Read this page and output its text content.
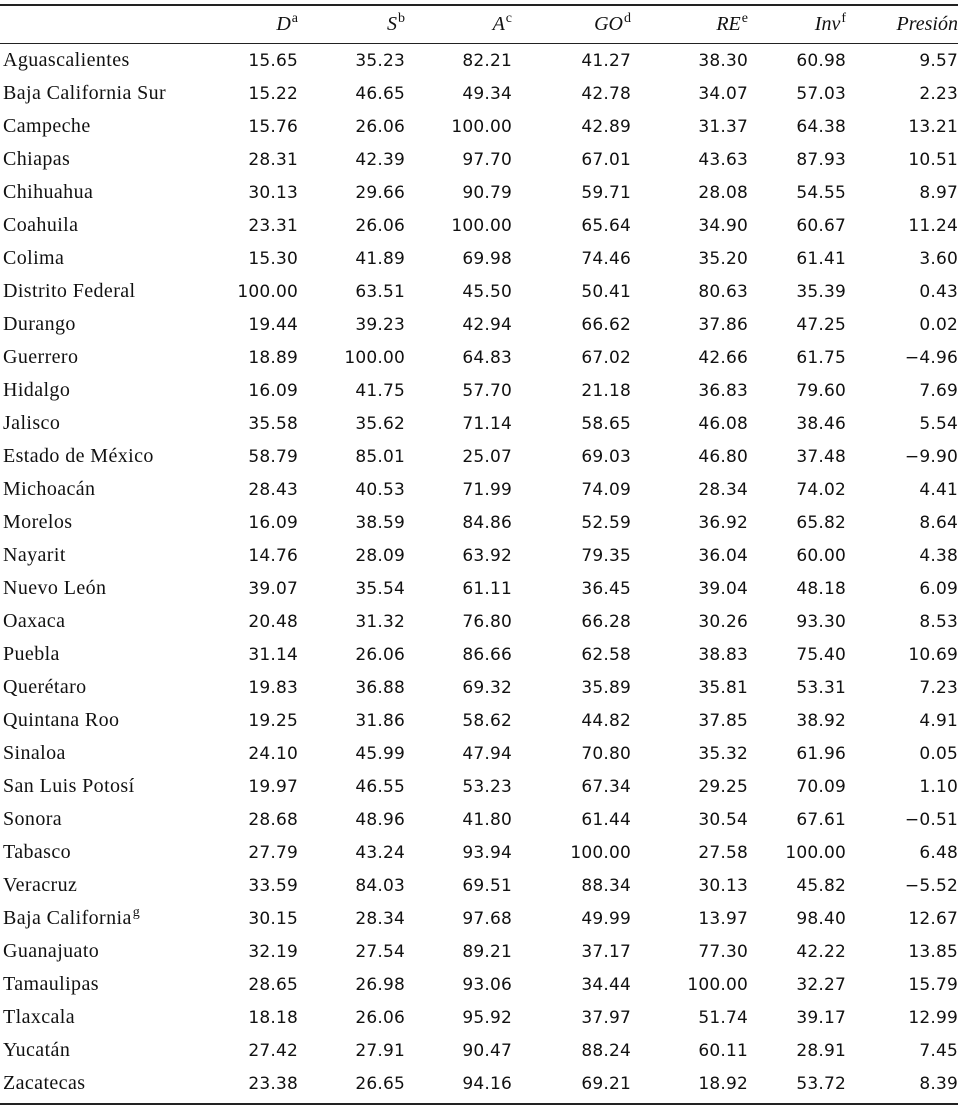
	$D^a$	$S^b$	$A^c$	$GO^d$	$RE^e$	Inv$^f$	Presión
Aguascalientes	15.65	35.23	82.21	41.27	38.30	60.98	9.57
Baja California Sur	15.22	46.65	49.34	42.78	34.07	57.03	2.23
Campeche	15.76	26.06	100.00	42.89	31.37	64.38	13.21
Chiapas	28.31	42.39	97.70	67.01	43.63	87.93	10.51
Chihuahua	30.13	29.66	90.79	59.71	28.08	54.55	8.97
Coahuila	23.31	26.06	100.00	65.64	34.90	60.67	11.24
Colima	15.30	41.89	69.98	74.46	35.20	61.41	3.60
Distrito Federal	100.00	63.51	45.50	50.41	80.63	35.39	0.43
Durango	19.44	39.23	42.94	66.62	37.86	47.25	0.02
Guerrero	18.89	100.00	64.83	67.02	42.66	61.75	−4.96
Hidalgo	16.09	41.75	57.70	21.18	36.83	79.60	7.69
Jalisco	35.58	35.62	71.14	58.65	46.08	38.46	5.54
Estado de México	58.79	85.01	25.07	69.03	46.80	37.48	−9.90
Michoacán	28.43	40.53	71.99	74.09	28.34	74.02	4.41
Morelos	16.09	38.59	84.86	52.59	36.92	65.82	8.64
Nayarit	14.76	28.09	63.92	79.35	36.04	60.00	4.38
Nuevo León	39.07	35.54	61.11	36.45	39.04	48.18	6.09
Oaxaca	20.48	31.32	76.80	66.28	30.26	93.30	8.53
Puebla	31.14	26.06	86.66	62.58	38.83	75.40	10.69
Querétaro	19.83	36.88	69.32	35.89	35.81	53.31	7.23
Quintana Roo	19.25	31.86	58.62	44.82	37.85	38.92	4.91
Sinaloa	24.10	45.99	47.94	70.80	35.32	61.96	0.05
San Luis Potosí	19.97	46.55	53.23	67.34	29.25	70.09	1.10
Sonora	28.68	48.96	41.80	61.44	30.54	67.61	−0.51
Tabasco	27.79	43.24	93.94	100.00	27.58	100.00	6.48
Veracruz	33.59	84.03	69.51	88.34	30.13	45.82	−5.52
Baja California$^g$	30.15	28.34	97.68	49.99	13.97	98.40	12.67
Guanajuato	32.19	27.54	89.21	37.17	77.30	42.22	13.85
Tamaulipas	28.65	26.98	93.06	34.44	100.00	32.27	15.79
Tlaxcala	18.18	26.06	95.92	37.97	51.74	39.17	12.99
Yucatán	27.42	27.91	90.47	88.24	60.11	28.91	7.45
Zacatecas	23.38	26.65	94.16	69.21	18.92	53.72	8.39
